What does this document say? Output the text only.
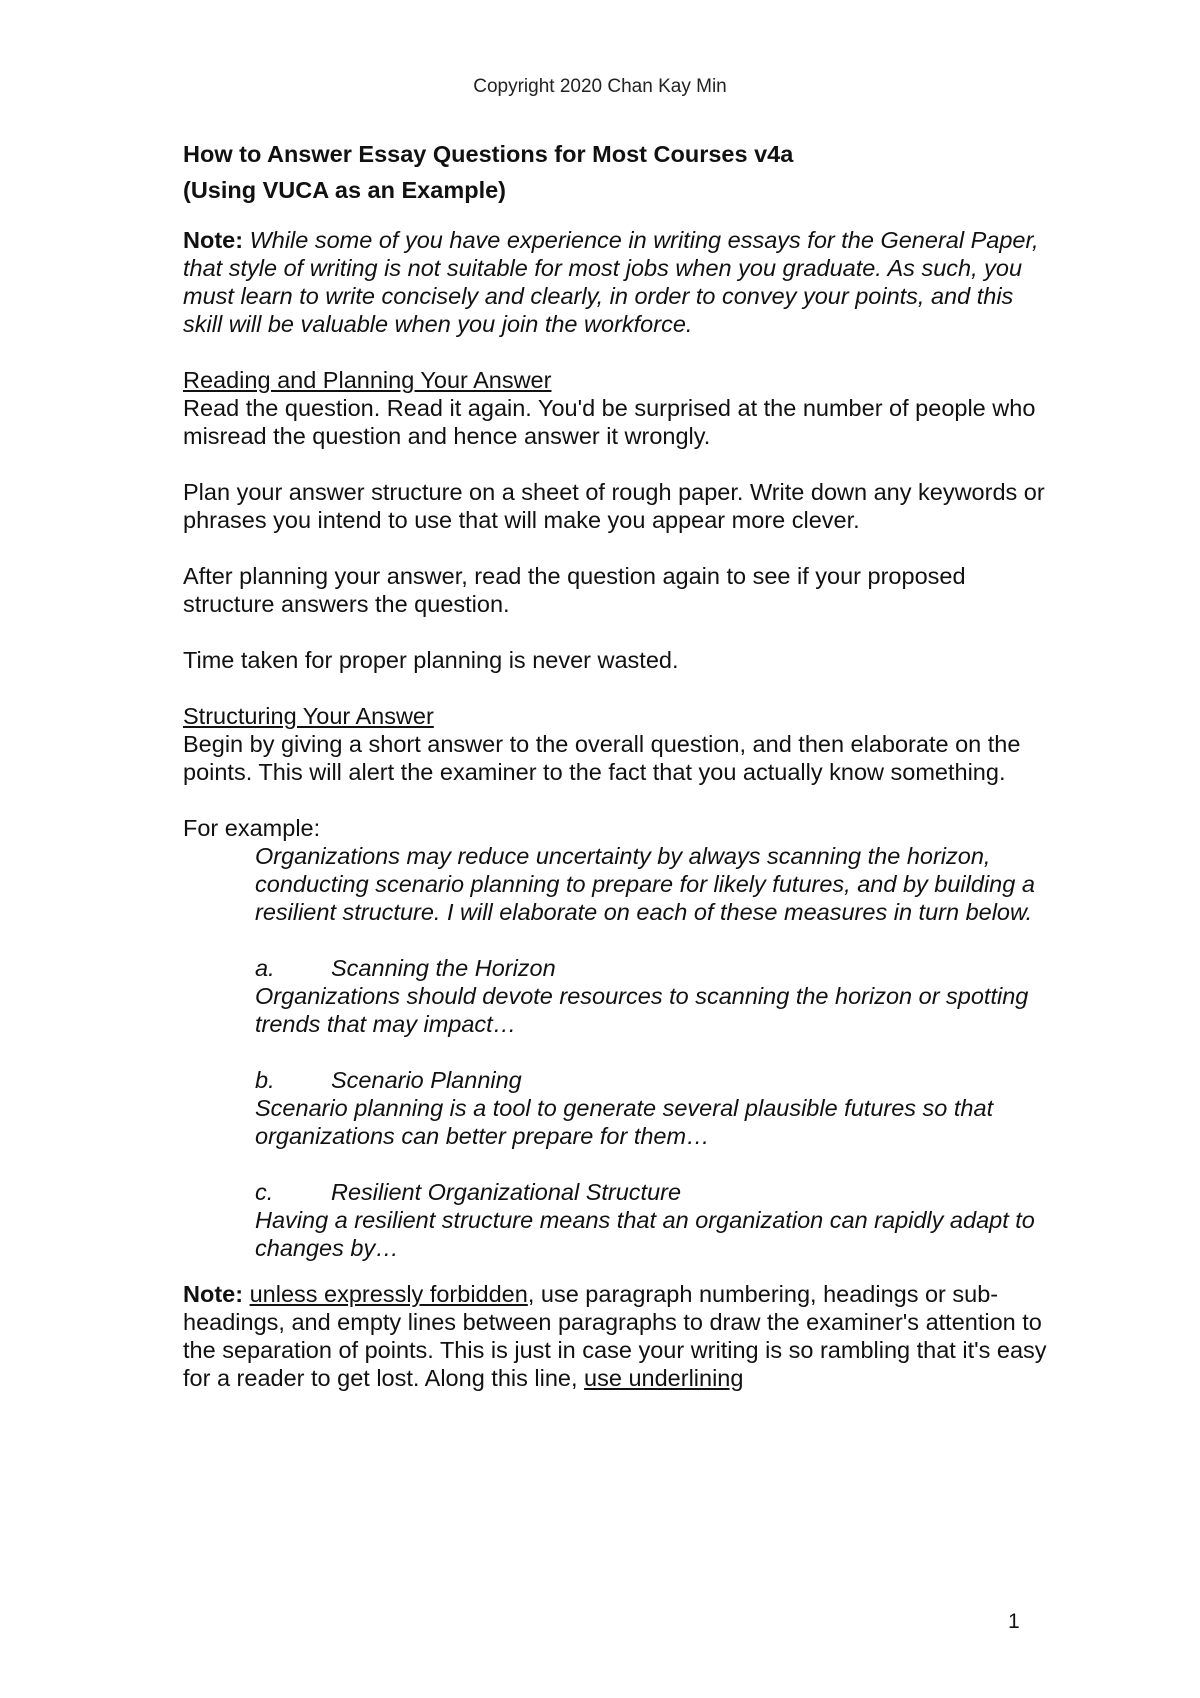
Copyright 2020 Chan Kay Min

How to Answer Essay Questions for Most Courses v4a

(Using VUCA as an Example)

Note: While some of you have experience in writing essays for the General Paper, that style of writing is not suitable for most jobs when you graduate. As such, you must learn to write concisely and clearly, in order to convey your points, and this skill will be valuable when you join the workforce.

Reading and Planning Your Answer

Read the question. Read it again. You'd be surprised at the number of people who misread the question and hence answer it wrongly.

Plan your answer structure on a sheet of rough paper. Write down any keywords or phrases you intend to use that will make you appear more clever.

After planning your answer, read the question again to see if your proposed structure answers the question.

Time taken for proper planning is never wasted.

Structuring Your Answer

Begin by giving a short answer to the overall question, and then elaborate on the points. This will alert the examiner to the fact that you actually know something.

For example:

Organizations may reduce uncertainty by always scanning the horizon, conducting scenario planning to prepare for likely futures, and by building a resilient structure. I will elaborate on each of these measures in turn below.

a.	Scanning the Horizon
Organizations should devote resources to scanning the horizon or spotting trends that may impact…
b.	Scenario Planning
Scenario planning is a tool to generate several plausible futures so that organizations can better prepare for them…
c.	Resilient Organizational Structure
Having a resilient structure means that an organization can rapidly adapt to changes by…

Note: unless expressly forbidden, use paragraph numbering, headings or sub-headings, and empty lines between paragraphs to draw the examiner's attention to the separation of points. This is just in case your writing is so rambling that it's easy for a reader to get lost. Along this line, use underlining

1
